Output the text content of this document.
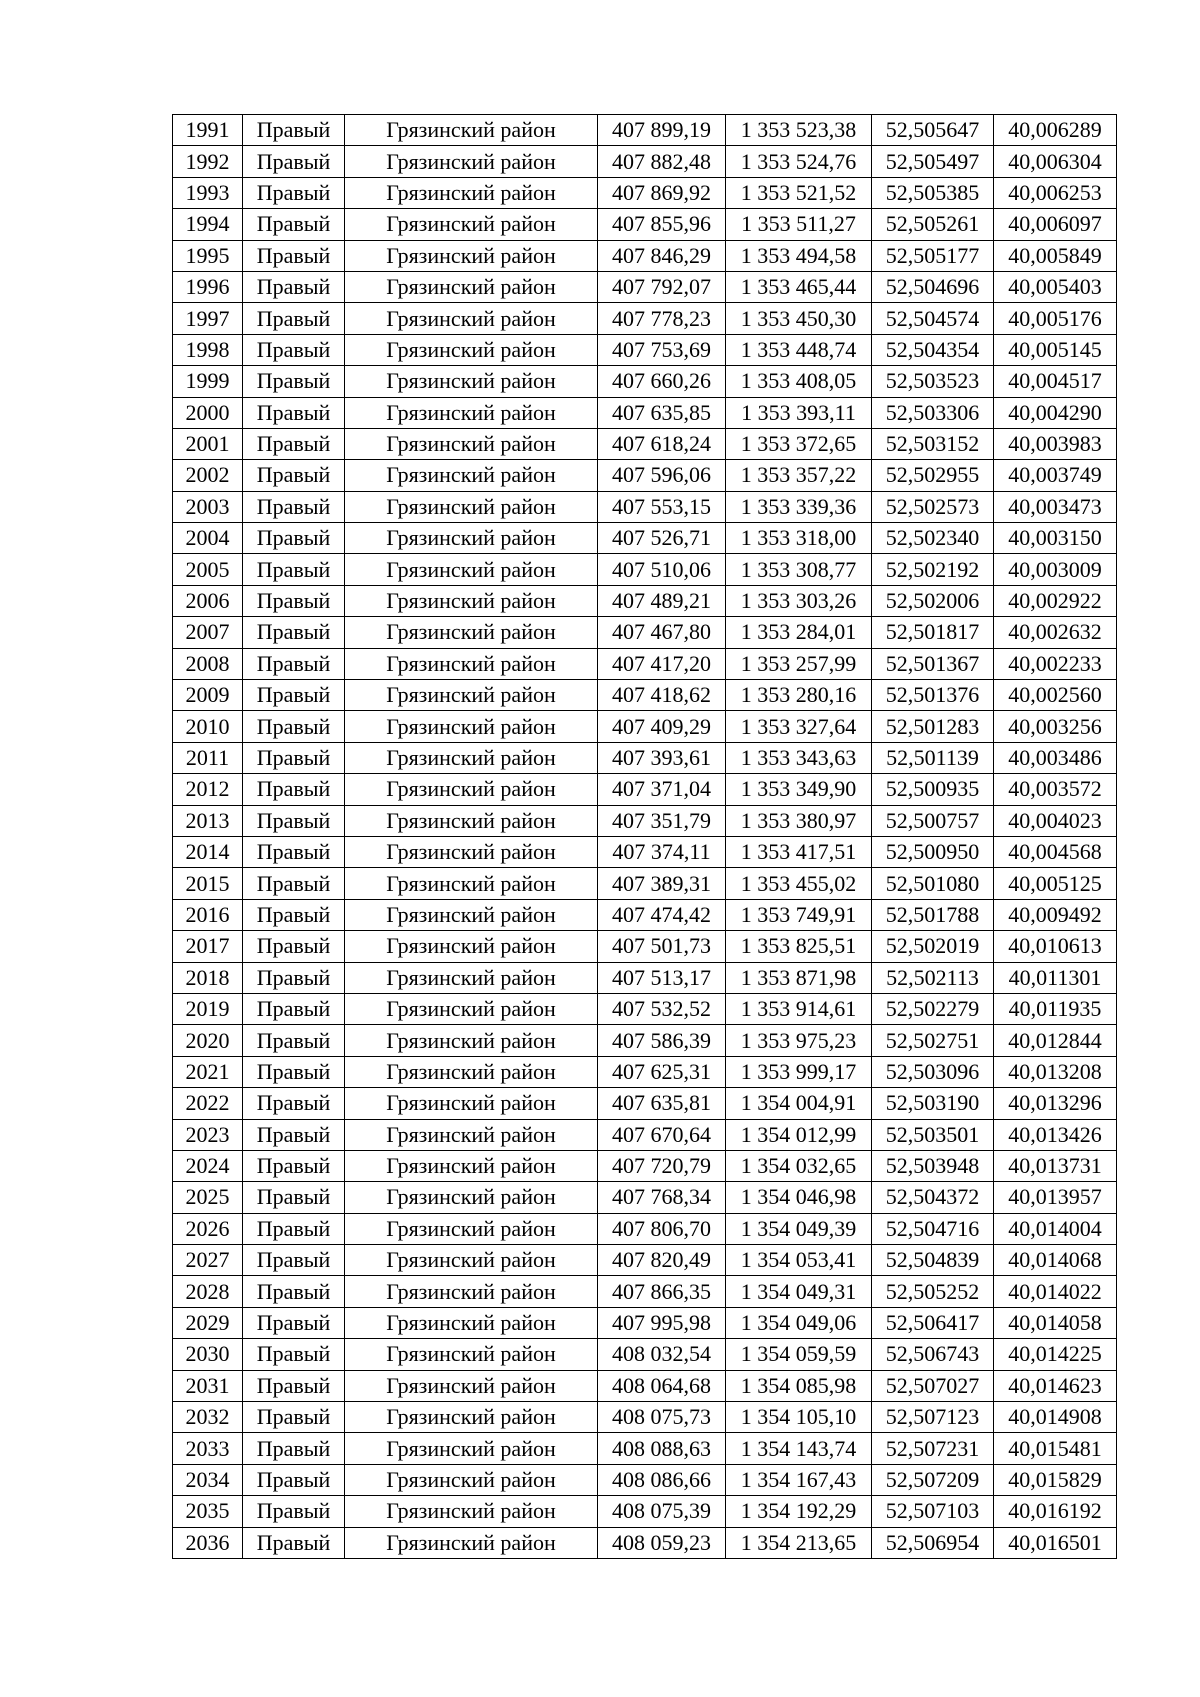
1991	Правый	Грязинский район	407 899,19	1 353 523,38	52,505647	40,006289
1992	Правый	Грязинский район	407 882,48	1 353 524,76	52,505497	40,006304
1993	Правый	Грязинский район	407 869,92	1 353 521,52	52,505385	40,006253
1994	Правый	Грязинский район	407 855,96	1 353 511,27	52,505261	40,006097
1995	Правый	Грязинский район	407 846,29	1 353 494,58	52,505177	40,005849
1996	Правый	Грязинский район	407 792,07	1 353 465,44	52,504696	40,005403
1997	Правый	Грязинский район	407 778,23	1 353 450,30	52,504574	40,005176
1998	Правый	Грязинский район	407 753,69	1 353 448,74	52,504354	40,005145
1999	Правый	Грязинский район	407 660,26	1 353 408,05	52,503523	40,004517
2000	Правый	Грязинский район	407 635,85	1 353 393,11	52,503306	40,004290
2001	Правый	Грязинский район	407 618,24	1 353 372,65	52,503152	40,003983
2002	Правый	Грязинский район	407 596,06	1 353 357,22	52,502955	40,003749
2003	Правый	Грязинский район	407 553,15	1 353 339,36	52,502573	40,003473
2004	Правый	Грязинский район	407 526,71	1 353 318,00	52,502340	40,003150
2005	Правый	Грязинский район	407 510,06	1 353 308,77	52,502192	40,003009
2006	Правый	Грязинский район	407 489,21	1 353 303,26	52,502006	40,002922
2007	Правый	Грязинский район	407 467,80	1 353 284,01	52,501817	40,002632
2008	Правый	Грязинский район	407 417,20	1 353 257,99	52,501367	40,002233
2009	Правый	Грязинский район	407 418,62	1 353 280,16	52,501376	40,002560
2010	Правый	Грязинский район	407 409,29	1 353 327,64	52,501283	40,003256
2011	Правый	Грязинский район	407 393,61	1 353 343,63	52,501139	40,003486
2012	Правый	Грязинский район	407 371,04	1 353 349,90	52,500935	40,003572
2013	Правый	Грязинский район	407 351,79	1 353 380,97	52,500757	40,004023
2014	Правый	Грязинский район	407 374,11	1 353 417,51	52,500950	40,004568
2015	Правый	Грязинский район	407 389,31	1 353 455,02	52,501080	40,005125
2016	Правый	Грязинский район	407 474,42	1 353 749,91	52,501788	40,009492
2017	Правый	Грязинский район	407 501,73	1 353 825,51	52,502019	40,010613
2018	Правый	Грязинский район	407 513,17	1 353 871,98	52,502113	40,011301
2019	Правый	Грязинский район	407 532,52	1 353 914,61	52,502279	40,011935
2020	Правый	Грязинский район	407 586,39	1 353 975,23	52,502751	40,012844
2021	Правый	Грязинский район	407 625,31	1 353 999,17	52,503096	40,013208
2022	Правый	Грязинский район	407 635,81	1 354 004,91	52,503190	40,013296
2023	Правый	Грязинский район	407 670,64	1 354 012,99	52,503501	40,013426
2024	Правый	Грязинский район	407 720,79	1 354 032,65	52,503948	40,013731
2025	Правый	Грязинский район	407 768,34	1 354 046,98	52,504372	40,013957
2026	Правый	Грязинский район	407 806,70	1 354 049,39	52,504716	40,014004
2027	Правый	Грязинский район	407 820,49	1 354 053,41	52,504839	40,014068
2028	Правый	Грязинский район	407 866,35	1 354 049,31	52,505252	40,014022
2029	Правый	Грязинский район	407 995,98	1 354 049,06	52,506417	40,014058
2030	Правый	Грязинский район	408 032,54	1 354 059,59	52,506743	40,014225
2031	Правый	Грязинский район	408 064,68	1 354 085,98	52,507027	40,014623
2032	Правый	Грязинский район	408 075,73	1 354 105,10	52,507123	40,014908
2033	Правый	Грязинский район	408 088,63	1 354 143,74	52,507231	40,015481
2034	Правый	Грязинский район	408 086,66	1 354 167,43	52,507209	40,015829
2035	Правый	Грязинский район	408 075,39	1 354 192,29	52,507103	40,016192
2036	Правый	Грязинский район	408 059,23	1 354 213,65	52,506954	40,016501
